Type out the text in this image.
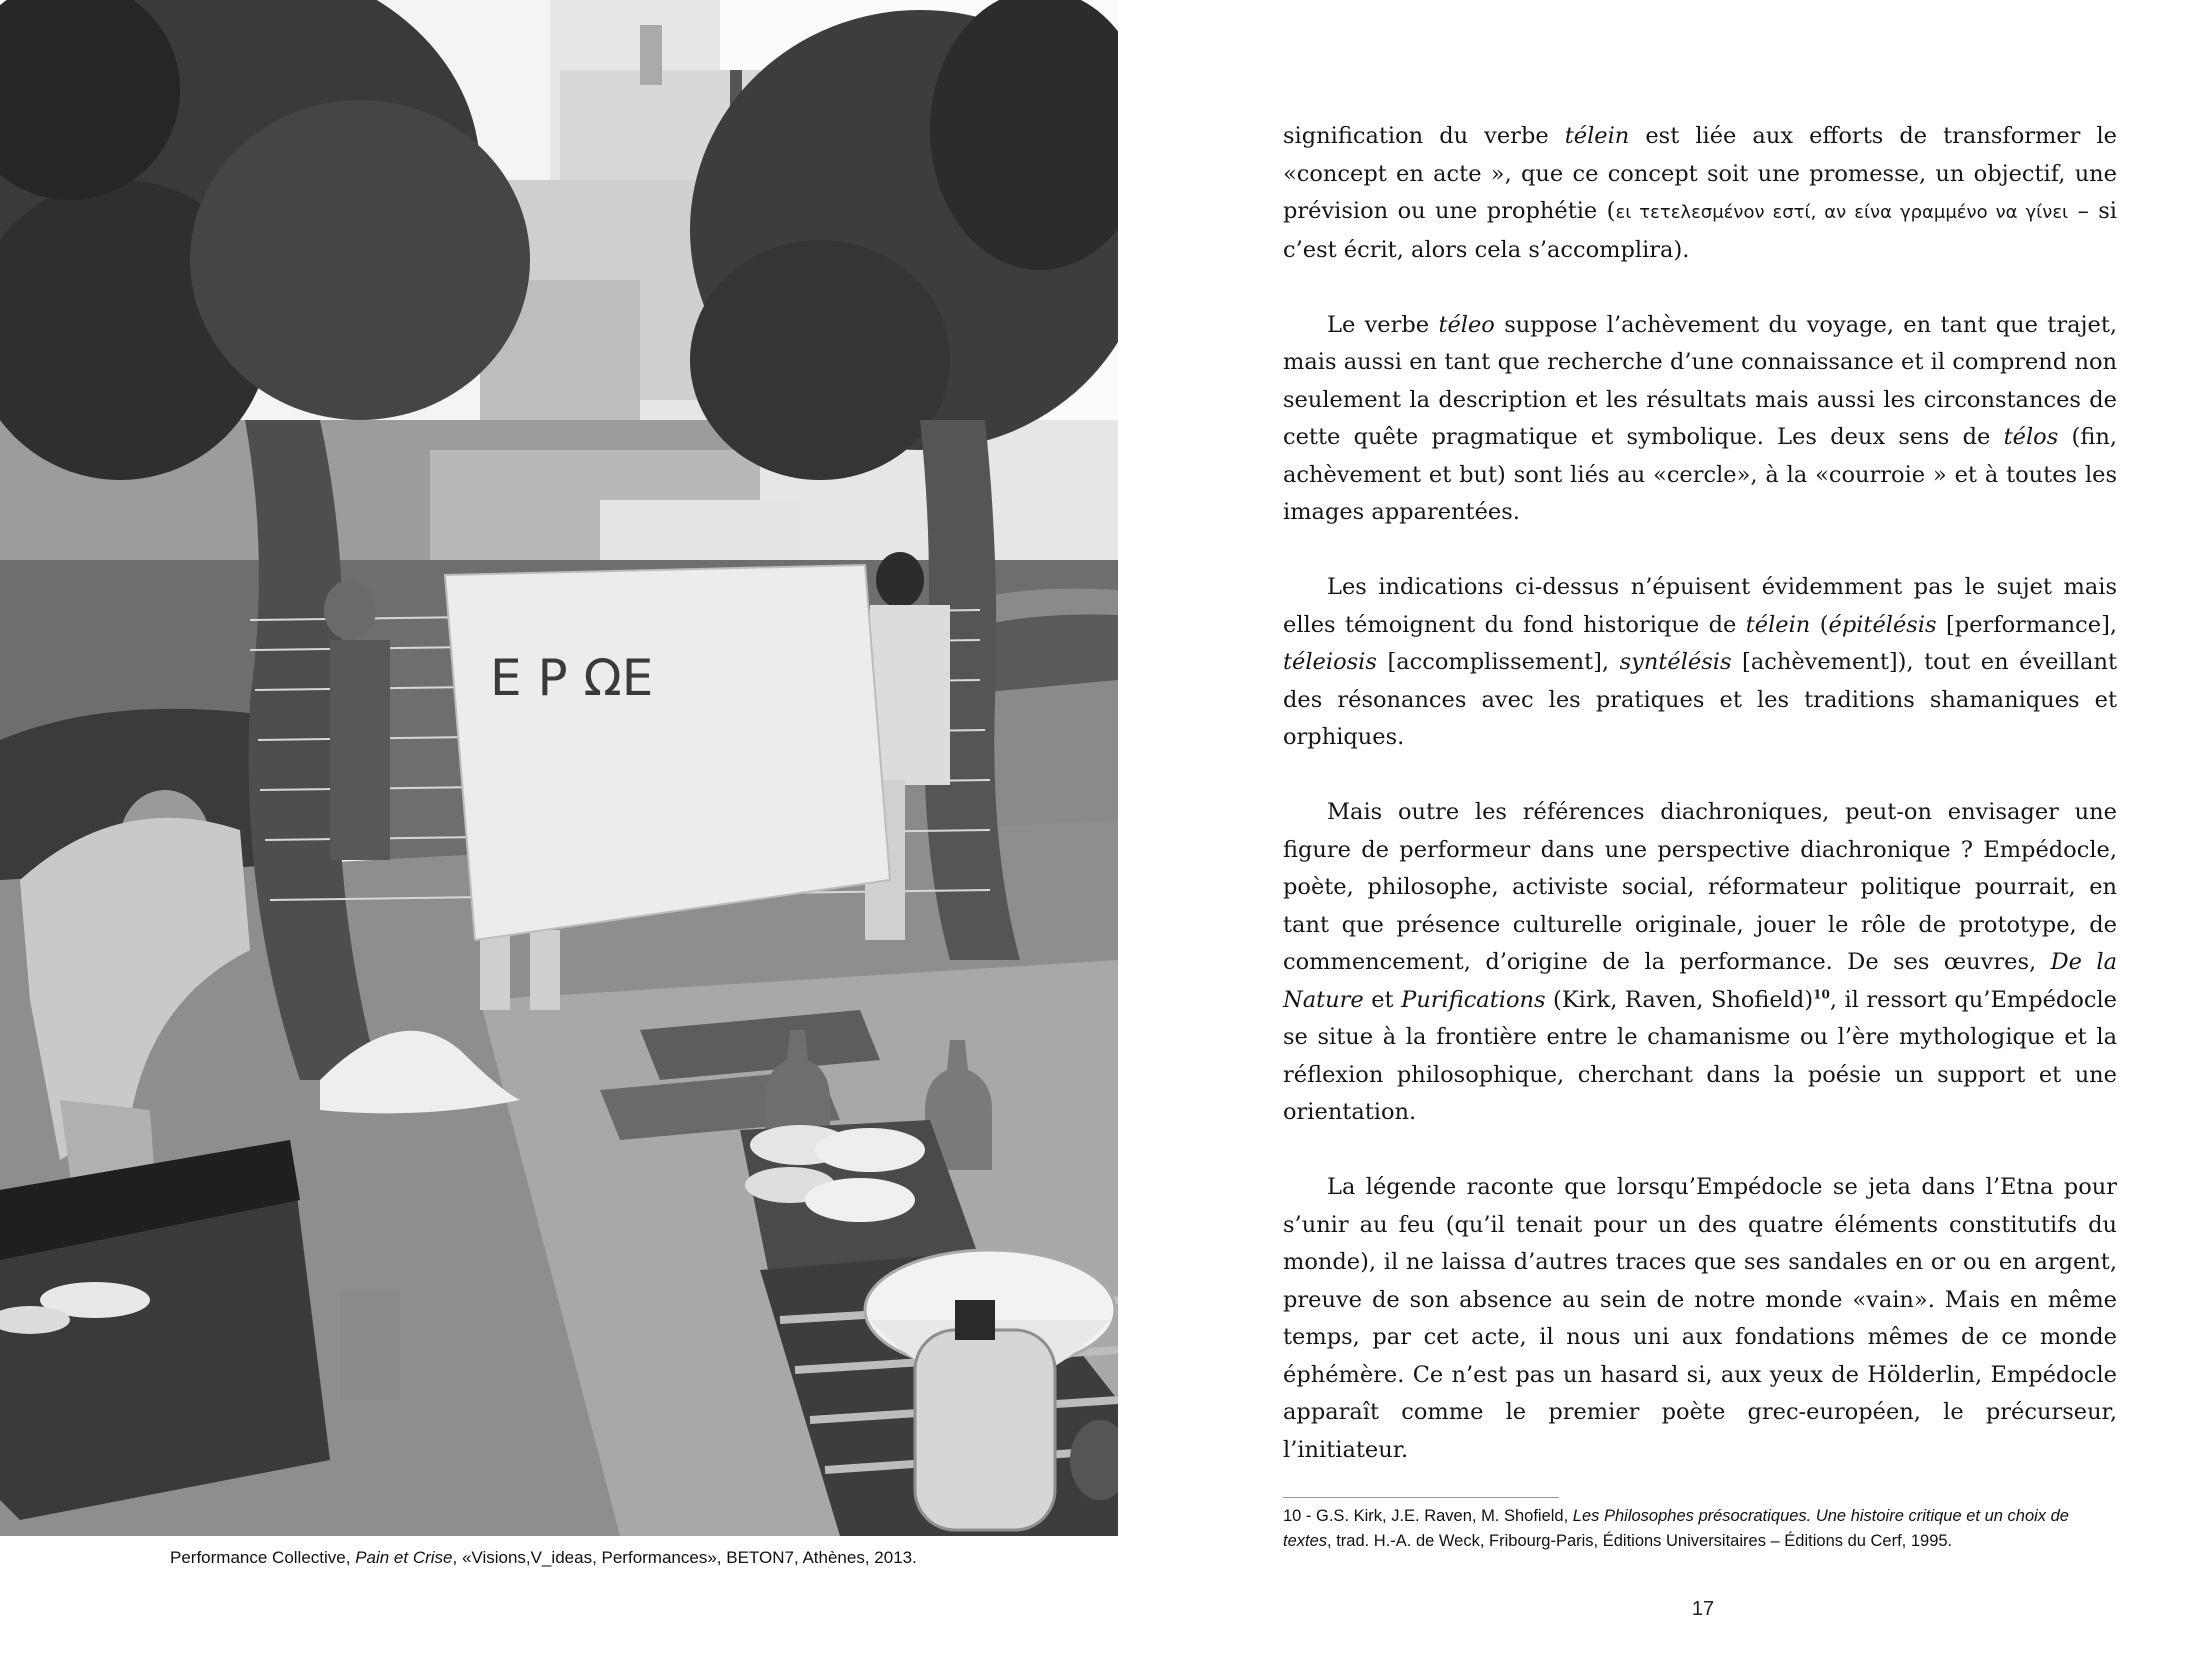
Ε Ρ ΩΕ
Performance Collective, Pain et Crise, «Visions,V_ideas, Performances», BETON7, Athènes, 2013.

signification du verbe télein est liée aux efforts de transformer le «concept en acte », que ce concept soit une promesse, un objectif, une prévision ou une prophétie (ει τετελεσμένον εστί, αν είνα γραμμένο να γίνει – si c’est écrit, alors cela s’accomplira).

Le verbe téleo suppose l’achèvement du voyage, en tant que trajet, mais aussi en tant que recherche d’une connaissance et il comprend non seulement la description et les résultats mais aussi les circonstances de cette quête pragmatique et symbolique. Les deux sens de télos (fin, achèvement et but) sont liés au «cercle», à la «courroie » et à toutes les images apparentées.

Les indications ci-dessus n’épuisent évidemment pas le sujet mais elles témoignent du fond historique de télein (épitélésis [performance], téleiosis [accomplissement], syntélésis [achèvement]), tout en éveillant des résonances avec les pratiques et les traditions shamaniques et orphiques.

Mais outre les références diachroniques, peut-on envisager une figure de performeur dans une perspective diachronique ? Empédocle, poète, philosophe, activiste social, réformateur politique pourrait, en tant que présence culturelle originale, jouer le rôle de prototype, de commencement, d’origine de la performance. De ses œuvres, De la Nature et Purifications (Kirk, Raven, Shofield)$^{10}$, il ressort qu’Empédocle se situe à la frontière entre le chamanisme ou l’ère mythologique et la réflexion philosophique, cherchant dans la poésie un support et une orientation.

La légende raconte que lorsqu’Empédocle se jeta dans l’Etna pour s’unir au feu (qu’il tenait pour un des quatre éléments constitutifs du monde), il ne laissa d’autres traces que ses sandales en or ou en argent, preuve de son absence au sein de notre monde «vain». Mais en même temps, par cet acte, il nous uni aux fondations mêmes de ce monde éphémère. Ce n’est pas un hasard si, aux yeux de Hölderlin, Empédocle apparaît comme le premier poète grec-européen, le précurseur, l’initiateur.

10 - G.S. Kirk, J.E. Raven, M. Shofield, Les Philosophes présocratiques. Une histoire critique et un choix de textes, trad. H.-A. de Weck, Fribourg-Paris, Éditions Universitaires – Éditions du Cerf, 1995.
17
